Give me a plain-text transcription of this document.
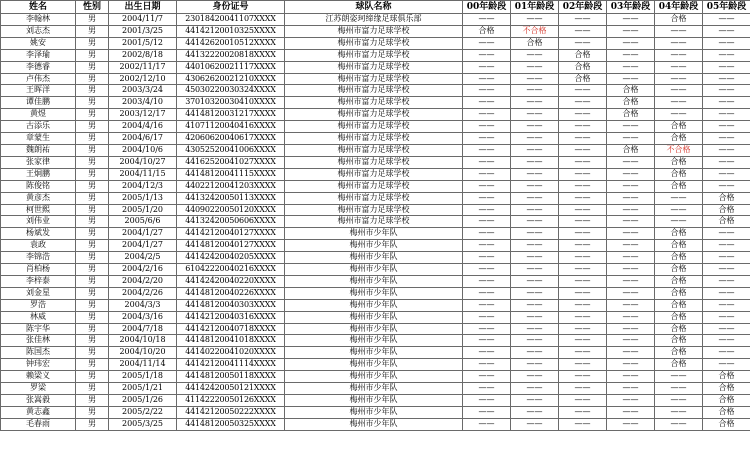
姓名	性别	出生日期	身份证号	球队名称	00年龄段	01年龄段	02年龄段	03年龄段	04年龄段	05年龄段
李翰林	男	2004/11/7	23018420041107XXXX	江苏朗姿珂缔缘足球俱乐部	——	——	——	——	合格	——
刘志杰	男	2001/3/25	44142120010325XXXX	梅州市富力足球学校	合格	不合格	——	——	——	——
姚安	男	2001/5/12	44142620010512XXXX	梅州市富力足球学校	——	合格	——	——	——	——
李泽瑜	男	2002/8/18	44132220020818XXXX	梅州市富力足球学校	——	——	合格	——	——	——
李德睿	男	2002/11/17	44010620021117XXXX	梅州市富力足球学校	——	——	合格	——	——	——
卢伟杰	男	2002/12/10	43062620021210XXXX	梅州市富力足球学校	——	——	合格	——	——	——
王晖洋	男	2003/3/24	45030220030324XXXX	梅州市富力足球学校	——	——	——	合格	——	——
谭佳鹏	男	2003/4/10	37010320030410XXXX	梅州市富力足球学校	——	——	——	合格	——	——
黄煜	男	2003/12/17	44148120031217XXXX	梅州市富力足球学校	——	——	——	合格	——	——
古添乐	男	2004/4/16	41071120040416XXXX	梅州市富力足球学校	——	——	——	——	合格	——
章蒙生	男	2004/6/17	42060620040617XXXX	梅州市富力足球学校	——	——	——	——	合格	——
魏朗祐	男	2004/10/6	43052520041006XXXX	梅州市富力足球学校	——	——	——	合格	不合格	——
张家律	男	2004/10/27	44162520041027XXXX	梅州市富力足球学校	——	——	——	——	合格	——
王炯鹏	男	2004/11/15	44148120041115XXXX	梅州市富力足球学校	——	——	——	——	合格	——
陈俊铭	男	2004/12/3	44022120041203XXXX	梅州市富力足球学校	——	——	——	——	合格	——
黄彦杰	男	2005/1/13	44132420050113XXXX	梅州市富力足球学校	——	——	——	——	——	合格
柯世熙	男	2005/1/20	44090220050120XXXX	梅州市富力足球学校	——	——	——	——	——	合格
刘伟业	男	2005/6/6	44132420050606XXXX	梅州市富力足球学校	——	——	——	——	——	合格
杨斌发	男	2004/1/27	44142120040127XXXX	梅州市少年队	——	——	——	——	合格	——
袁政	男	2004/1/27	44148120040127XXXX	梅州市少年队	——	——	——	——	合格	——
李锦浩	男	2004/2/5	44142420040205XXXX	梅州市少年队	——	——	——	——	合格	——
肖柏杨	男	2004/2/16	61042220040216XXXX	梅州市少年队	——	——	——	——	合格	——
李梓泰	男	2004/2/20	44142420040220XXXX	梅州市少年队	——	——	——	——	合格	——
刘金星	男	2004/2/26	44148120040226XXXX	梅州市少年队	——	——	——	——	合格	——
罗浩	男	2004/3/3	44148120040303XXXX	梅州市少年队	——	——	——	——	合格	——
林威	男	2004/3/16	44142120040316XXXX	梅州市少年队	——	——	——	——	合格	——
陈宇华	男	2004/7/18	44142120040718XXXX	梅州市少年队	——	——	——	——	合格	——
张佳林	男	2004/10/18	44148120041018XXXX	梅州市少年队	——	——	——	——	合格	——
陈国杰	男	2004/10/20	44140220041020XXXX	梅州市少年队	——	——	——	——	合格	——
钟玮宏	男	2004/11/14	44142120041114XXXX	梅州市少年队	——	——	——	——	合格	——
赖梁义	男	2005/1/18	44148120050118XXXX	梅州市少年队	——	——	——	——	——	合格
罗梁	男	2005/1/21	44142420050121XXXX	梅州市少年队	——	——	——	——	——	合格
张嵩毅	男	2005/1/26	41142220050126XXXX	梅州市少年队	——	——	——	——	——	合格
黄志鑫	男	2005/2/22	44142120050222XXXX	梅州市少年队	——	——	——	——	——	合格
毛春雨	男	2005/3/25	44148120050325XXXX	梅州市少年队	——	——	——	——	——	合格
